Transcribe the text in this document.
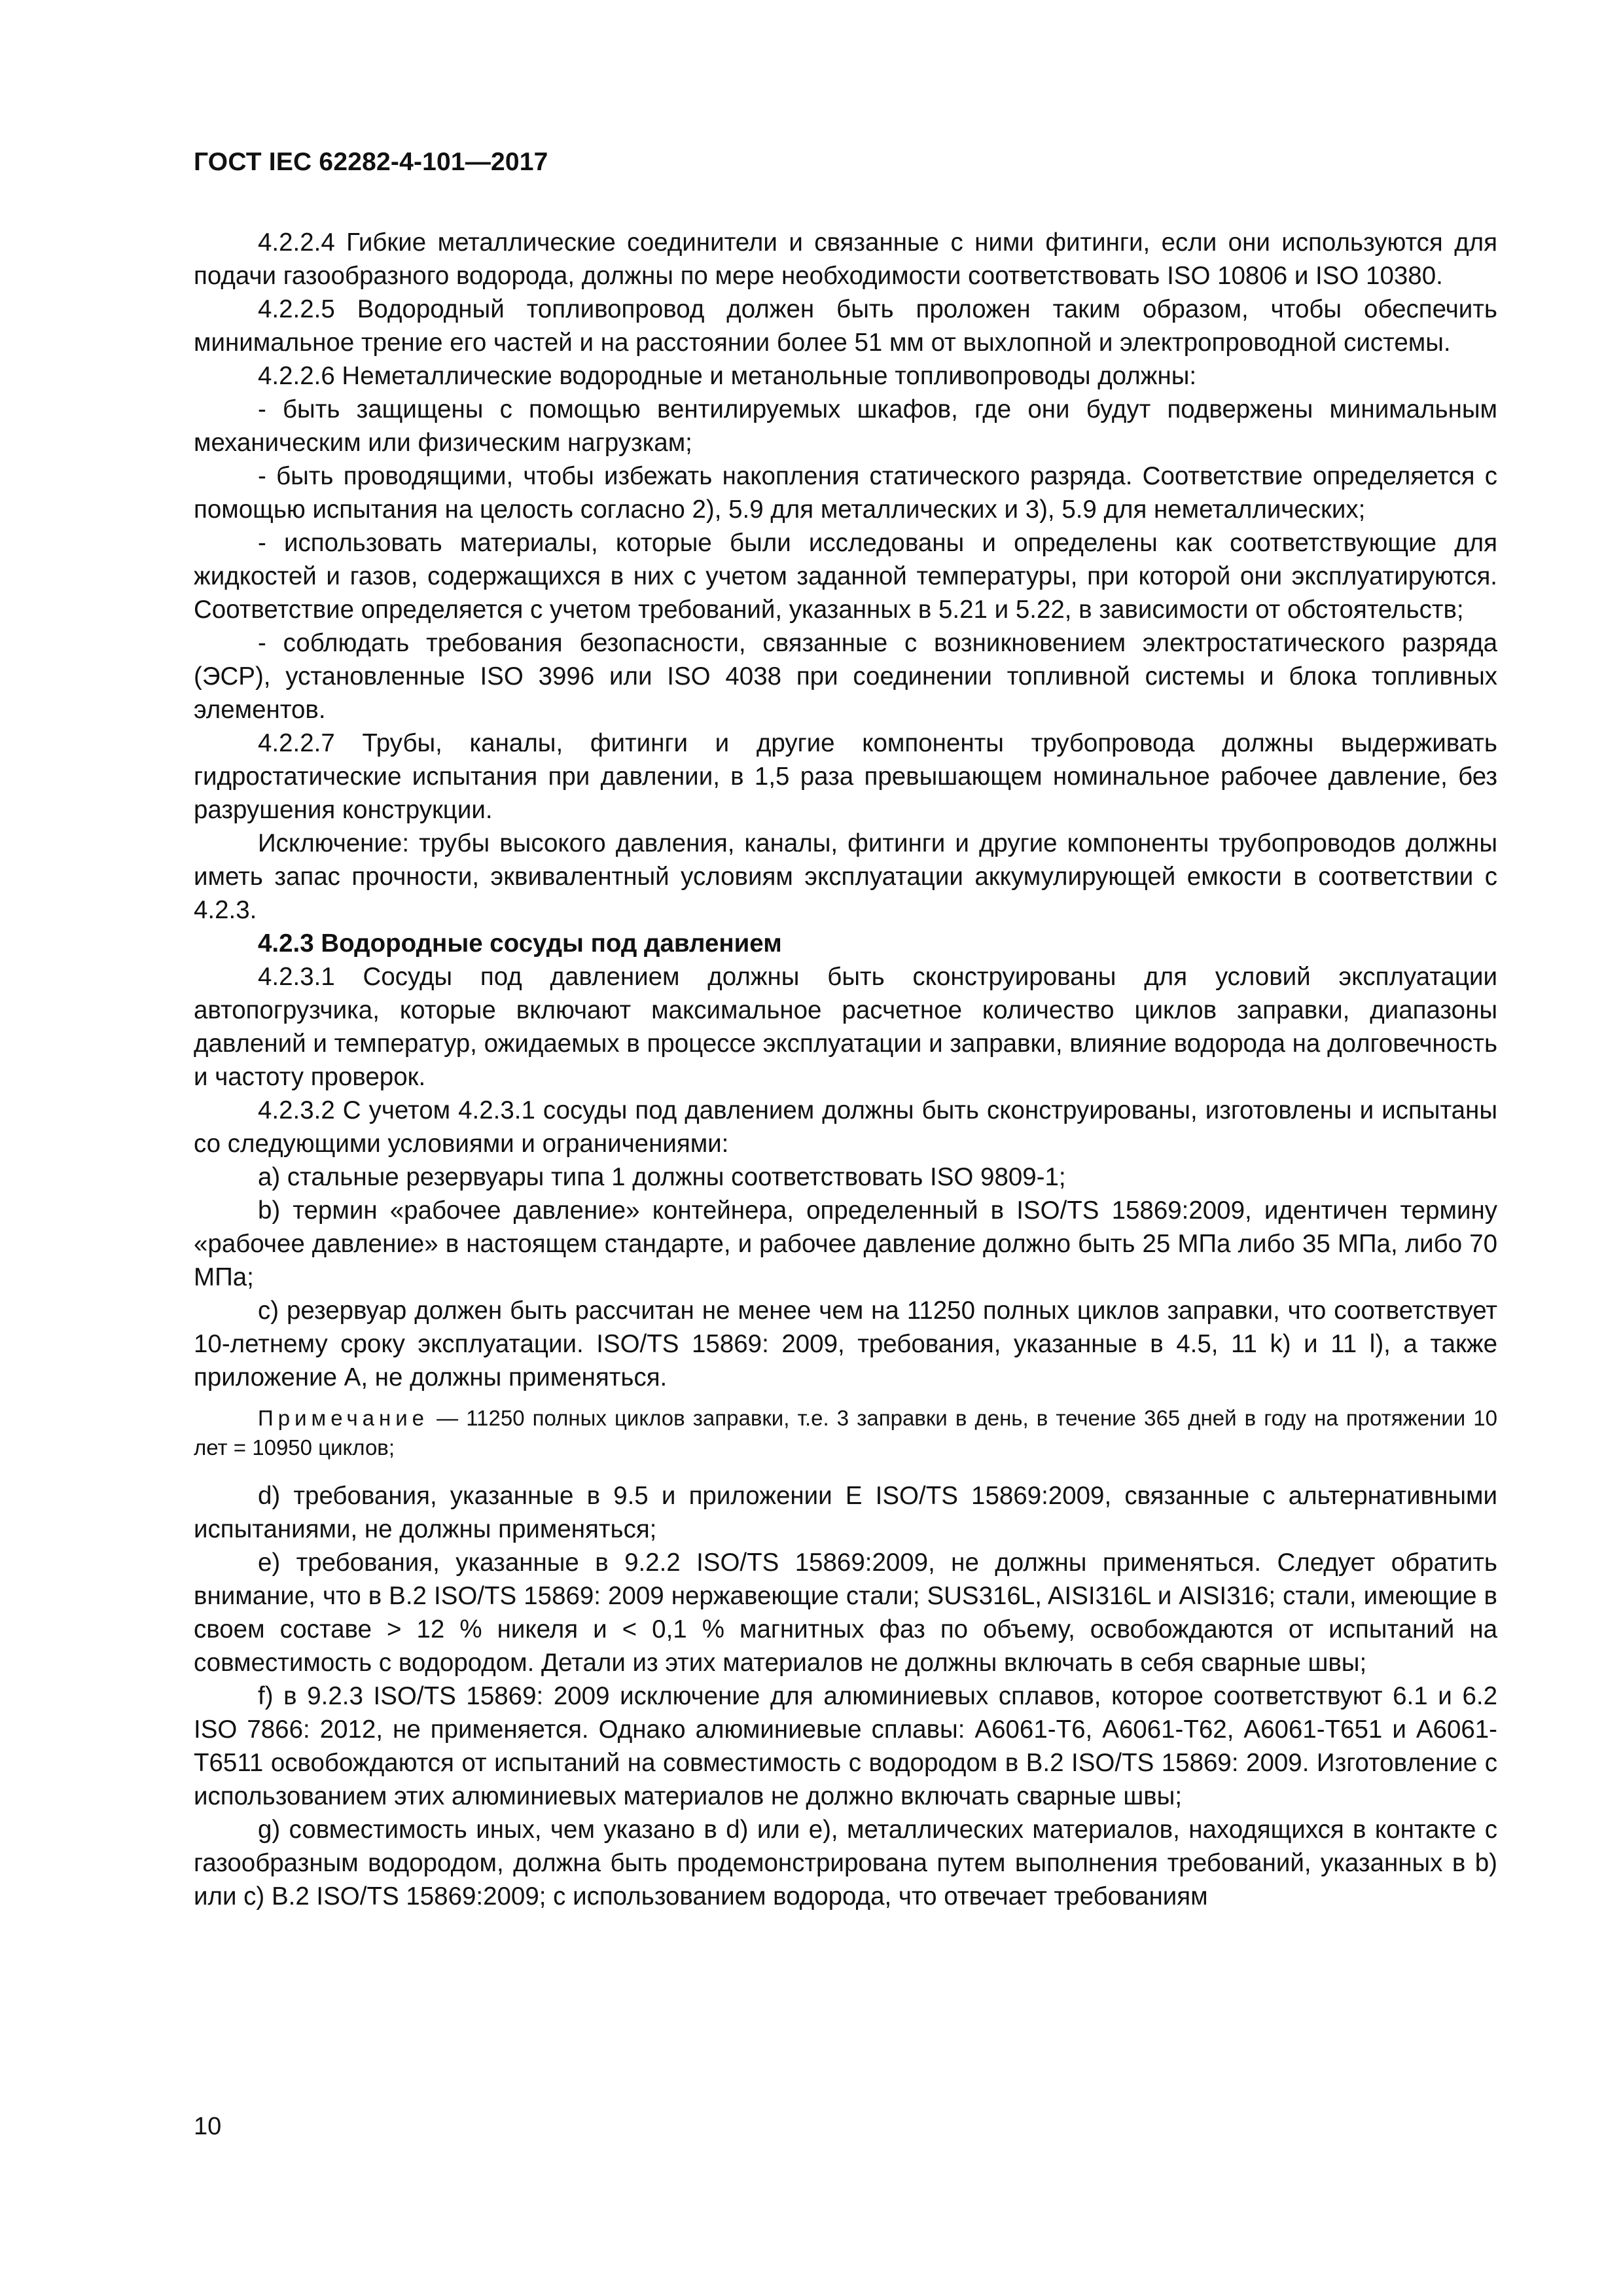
ГОСТ IEC 62282-4-101—2017

4.2.2.4 Гибкие металлические соединители и связанные с ними фитинги, если они используются для подачи газообразного водорода, должны по мере необходимости соответствовать ISO 10806 и ISO 10380.

4.2.2.5 Водородный топливопровод должен быть проложен таким образом, чтобы обеспечить минимальное трение его частей и на расстоянии более 51 мм от выхлопной и электропроводной системы.

4.2.2.6 Неметаллические водородные и метанольные топливопроводы должны:

- быть защищены с помощью вентилируемых шкафов, где они будут подвержены минимальным механическим или физическим нагрузкам;

- быть проводящими, чтобы избежать накопления статического разряда. Соответствие определяется с помощью испытания на целость согласно 2), 5.9 для металлических и 3), 5.9 для неметаллических;

- использовать материалы, которые были исследованы и определены как соответствующие для жидкостей и газов, содержащихся в них с учетом заданной температуры, при которой они эксплуатируются. Соответствие определяется с учетом требований, указанных в 5.21 и 5.22, в зависимости от обстоятельств;

- соблюдать требования безопасности, связанные с возникновением электростатического разряда (ЭСР), установленные ISO 3996 или ISO 4038 при соединении топливной системы и блока топливных элементов.

4.2.2.7 Трубы, каналы, фитинги и другие компоненты трубопровода должны выдерживать гидростатические испытания при давлении, в 1,5 раза превышающем номинальное рабочее давление, без разрушения конструкции.

Исключение: трубы высокого давления, каналы, фитинги и другие компоненты трубопроводов должны иметь запас прочности, эквивалентный условиям эксплуатации аккумулирующей емкости в соответствии с 4.2.3.

4.2.3 Водородные сосуды под давлением

4.2.3.1 Сосуды под давлением должны быть сконструированы для условий эксплуатации автопогрузчика, которые включают максимальное расчетное количество циклов заправки, диапазоны давлений и температур, ожидаемых в процессе эксплуатации и заправки, влияние водорода на долговечность и частоту проверок.

4.2.3.2 С учетом 4.2.3.1 сосуды под давлением должны быть сконструированы, изготовлены и испытаны со следующими условиями и ограничениями:

а) стальные резервуары типа 1 должны соответствовать ISO 9809-1;

b) термин «рабочее давление» контейнера, определенный в ISO/TS 15869:2009, идентичен термину «рабочее давление» в настоящем стандарте, и рабочее давление должно быть 25 МПа либо 35 МПа, либо 70 МПа;

с) резервуар должен быть рассчитан не менее чем на 11250 полных циклов заправки, что соответствует 10-летнему сроку эксплуатации. ISO/TS 15869: 2009, требования, указанные в 4.5, 11 k) и 11 l), а также приложение А, не должны применяться.

Примечание — 11250 полных циклов заправки, т.е. 3 заправки в день, в течение 365 дней в году на протяжении 10 лет = 10950 циклов;

d) требования, указанные в 9.5 и приложении Е ISO/TS 15869:2009, связанные с альтернативными испытаниями, не должны применяться;

е) требования, указанные в 9.2.2 ISO/TS 15869:2009, не должны применяться. Следует обратить внимание, что в В.2 ISO/TS 15869: 2009 нержавеющие стали; SUS316L, AISI316L и AISI316; стали, имеющие в своем составе > 12 % никеля и < 0,1 % магнитных фаз по объему, освобождаются от испытаний на совместимость с водородом. Детали из этих материалов не должны включать в себя сварные швы;

f) в 9.2.3 ISO/TS 15869: 2009 исключение для алюминиевых сплавов, которое соответствуют 6.1 и 6.2 ISO 7866: 2012, не применяется. Однако алюминиевые сплавы: А6061-Т6, А6061-Т62, А6061-Т651 и А6061-Т6511 освобождаются от испытаний на совместимость с водородом в В.2 ISO/TS 15869: 2009. Изготовление с использованием этих алюминиевых материалов не должно включать сварные швы;

g) совместимость иных, чем указано в d) или е), металлических материалов, находящихся в контакте с газообразным водородом, должна быть продемонстрирована путем выполнения требований, указанных в b) или с) В.2 ISO/TS 15869:2009; с использованием водорода, что отвечает требованиям

10
